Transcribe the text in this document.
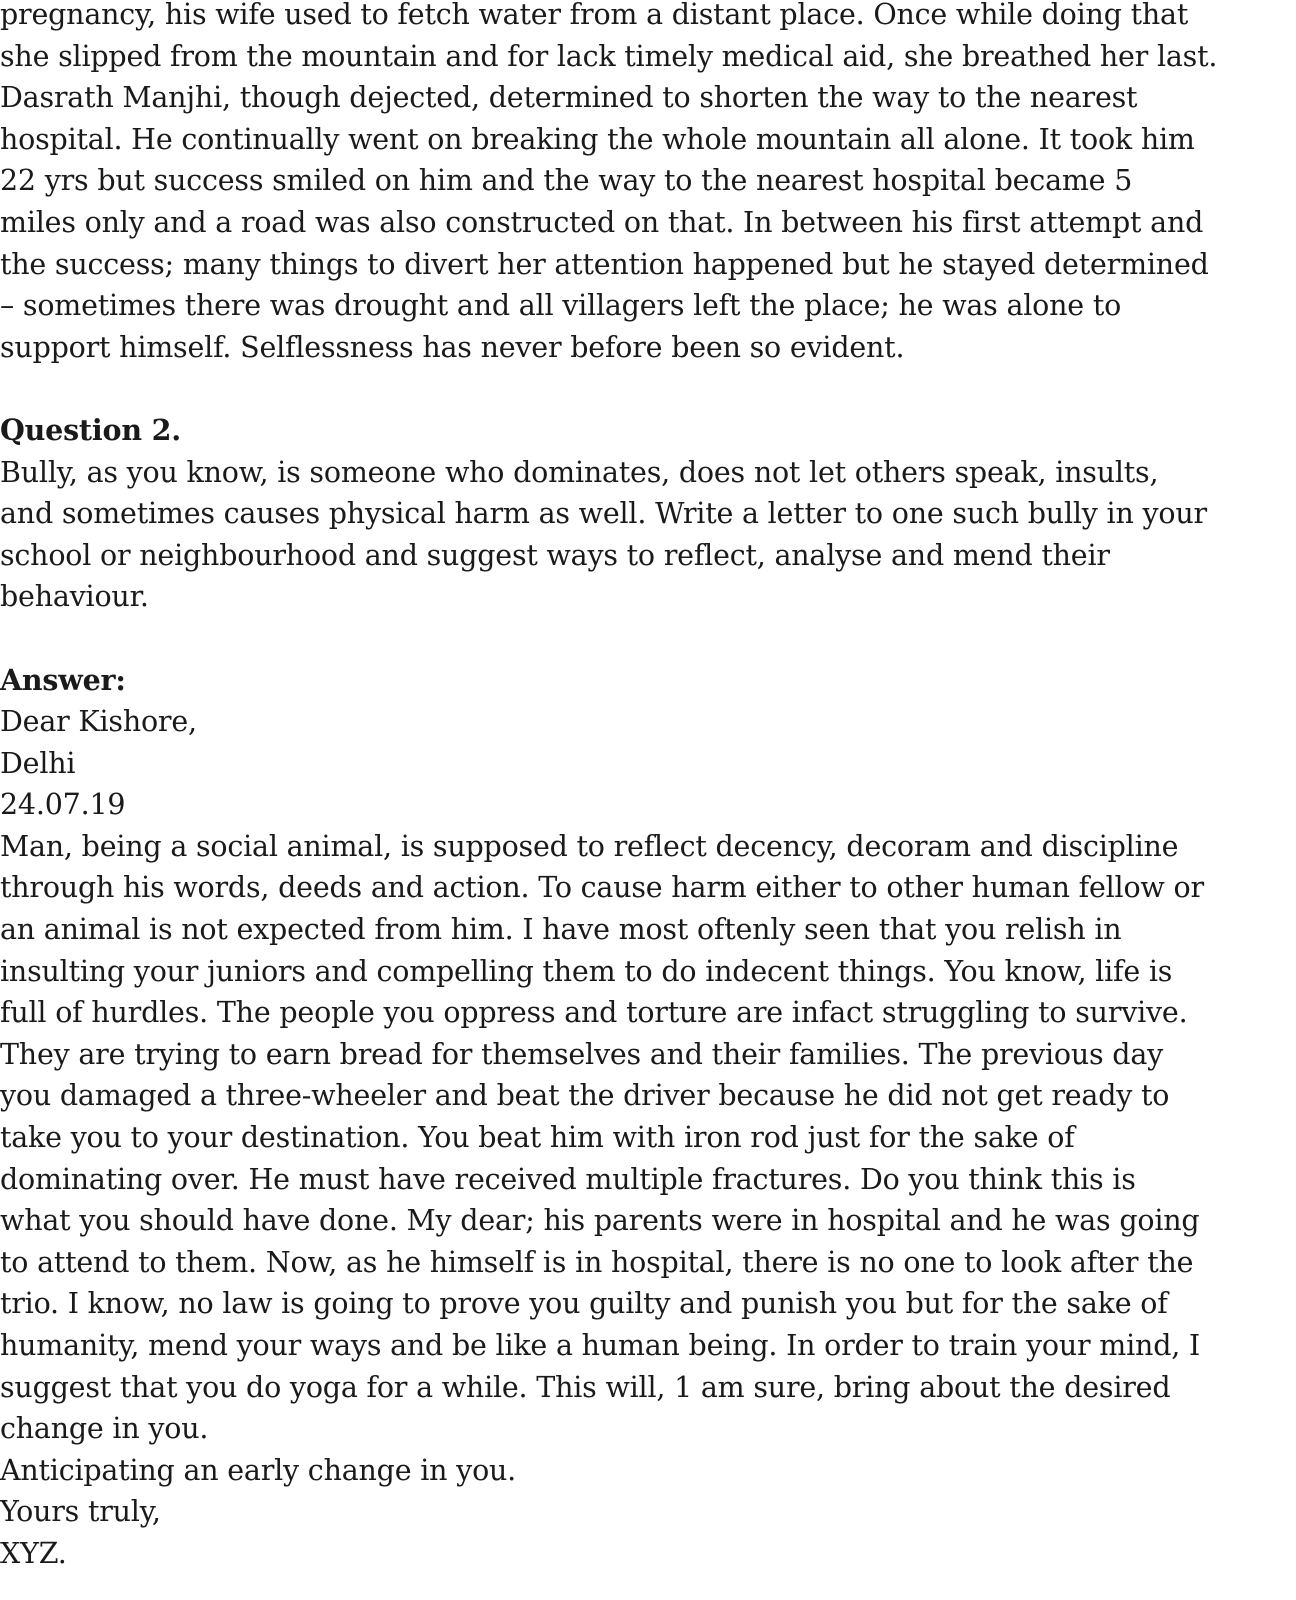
pregnancy, his wife used to fetch water from a distant place. Once while doing that
she slipped from the mountain and for lack timely medical aid, she breathed her last.
Dasrath Manjhi, though dejected, determined to shorten the way to the nearest
hospital. He continually went on breaking the whole mountain all alone. It took him
22 yrs but success smiled on him and the way to the nearest hospital became 5
miles only and a road was also constructed on that. In between his first attempt and
the success; many things to divert her attention happened but he stayed determined
– sometimes there was drought and all villagers left the place; he was alone to
support himself. Selflessness has never before been so evident.
Question 2.
Bully, as you know, is someone who dominates, does not let others speak, insults,
and sometimes causes physical harm as well. Write a letter to one such bully in your
school or neighbourhood and suggest ways to reflect, analyse and mend their
behaviour.
Answer:
Dear Kishore,
Delhi
24.07.19
Man, being a social animal, is supposed to reflect decency, decoram and discipline
through his words, deeds and action. To cause harm either to other human fellow or
an animal is not expected from him. I have most oftenly seen that you relish in
insulting your juniors and compelling them to do indecent things. You know, life is
full of hurdles. The people you oppress and torture are infact struggling to survive.
They are trying to earn bread for themselves and their families. The previous day
you damaged a three-wheeler and beat the driver because he did not get ready to
take you to your destination. You beat him with iron rod just for the sake of
dominating over. He must have received multiple fractures. Do you think this is
what you should have done. My dear; his parents were in hospital and he was going
to attend to them. Now, as he himself is in hospital, there is no one to look after the
trio. I know, no law is going to prove you guilty and punish you but for the sake of
humanity, mend your ways and be like a human being. In order to train your mind, I
suggest that you do yoga for a while. This will, 1 am sure, bring about the desired
change in you.
Anticipating an early change in you.
Yours truly,
XYZ.
